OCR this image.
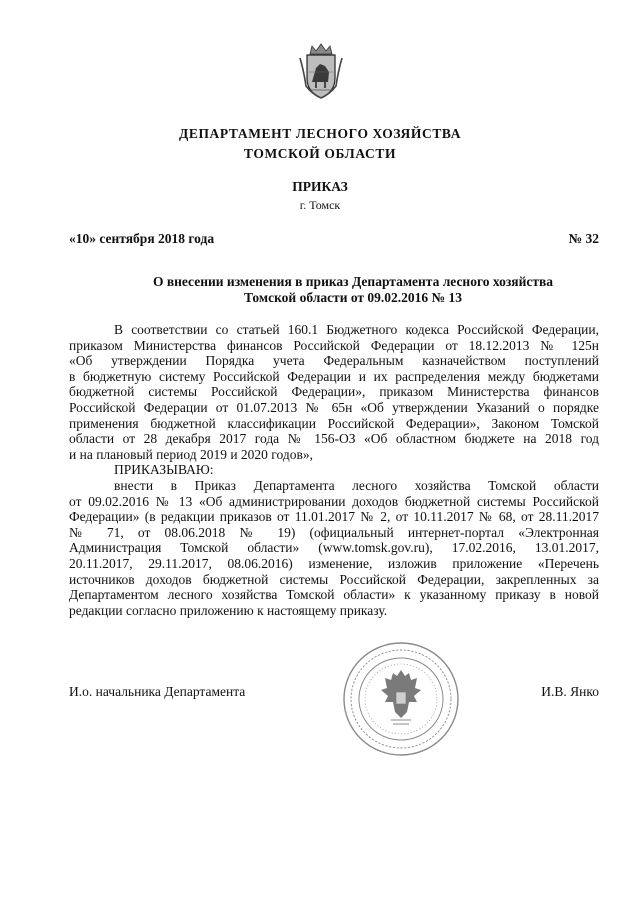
ДЕПАРТАМЕНТ ЛЕСНОГО ХОЗЯЙСТВА
ТОМСКОЙ ОБЛАСТИ
ПРИКАЗ
г. Томск
«10» сентября 2018 года	№ 32
О внесении изменения в приказ Департамента лесного хозяйства
Томской области от 09.02.2016 № 13

В соответствии со статьей 160.1 Бюджетного кодекса Российской Федерации,

приказом Министерства финансов Российской Федерации от 18.12.2013 № 125н

«Об утверждении Порядка учета Федеральным казначейством поступлений

в бюджетную систему Российской Федерации и их распределения между бюджетами

бюджетной системы Российской Федерации», приказом Министерства финансов

Российской Федерации от 01.07.2013 № 65н «Об утверждении Указаний о порядке

применения бюджетной классификации Российской Федерации», Законом Томской

области от 28 декабря 2017 года № 156-ОЗ «Об областном бюджете на 2018 год

и на плановый период 2019 и 2020 годов»,

ПРИКАЗЫВАЮ:

внести в Приказ Департамента лесного хозяйства Томской области

от 09.02.2016 № 13 «Об администрировании доходов бюджетной системы Российской

Федерации» (в редакции приказов от 11.01.2017 № 2, от 10.11.2017 № 68, от 28.11.2017

№ 71, от 08.06.2018 № 19) (официальный интернет-портал «Электронная

Администрация Томской области» (www.tomsk.gov.ru), 17.02.2016, 13.01.2017,

20.11.2017, 29.11.2017, 08.06.2016) изменение, изложив приложение «Перечень

источников доходов бюджетной системы Российской Федерации, закрепленных за

Департаментом лесного хозяйства Томской области» к указанному приказу в новой

редакции согласно приложению к настоящему приказу.

И.о. начальника Департамента	И.В. Янко
